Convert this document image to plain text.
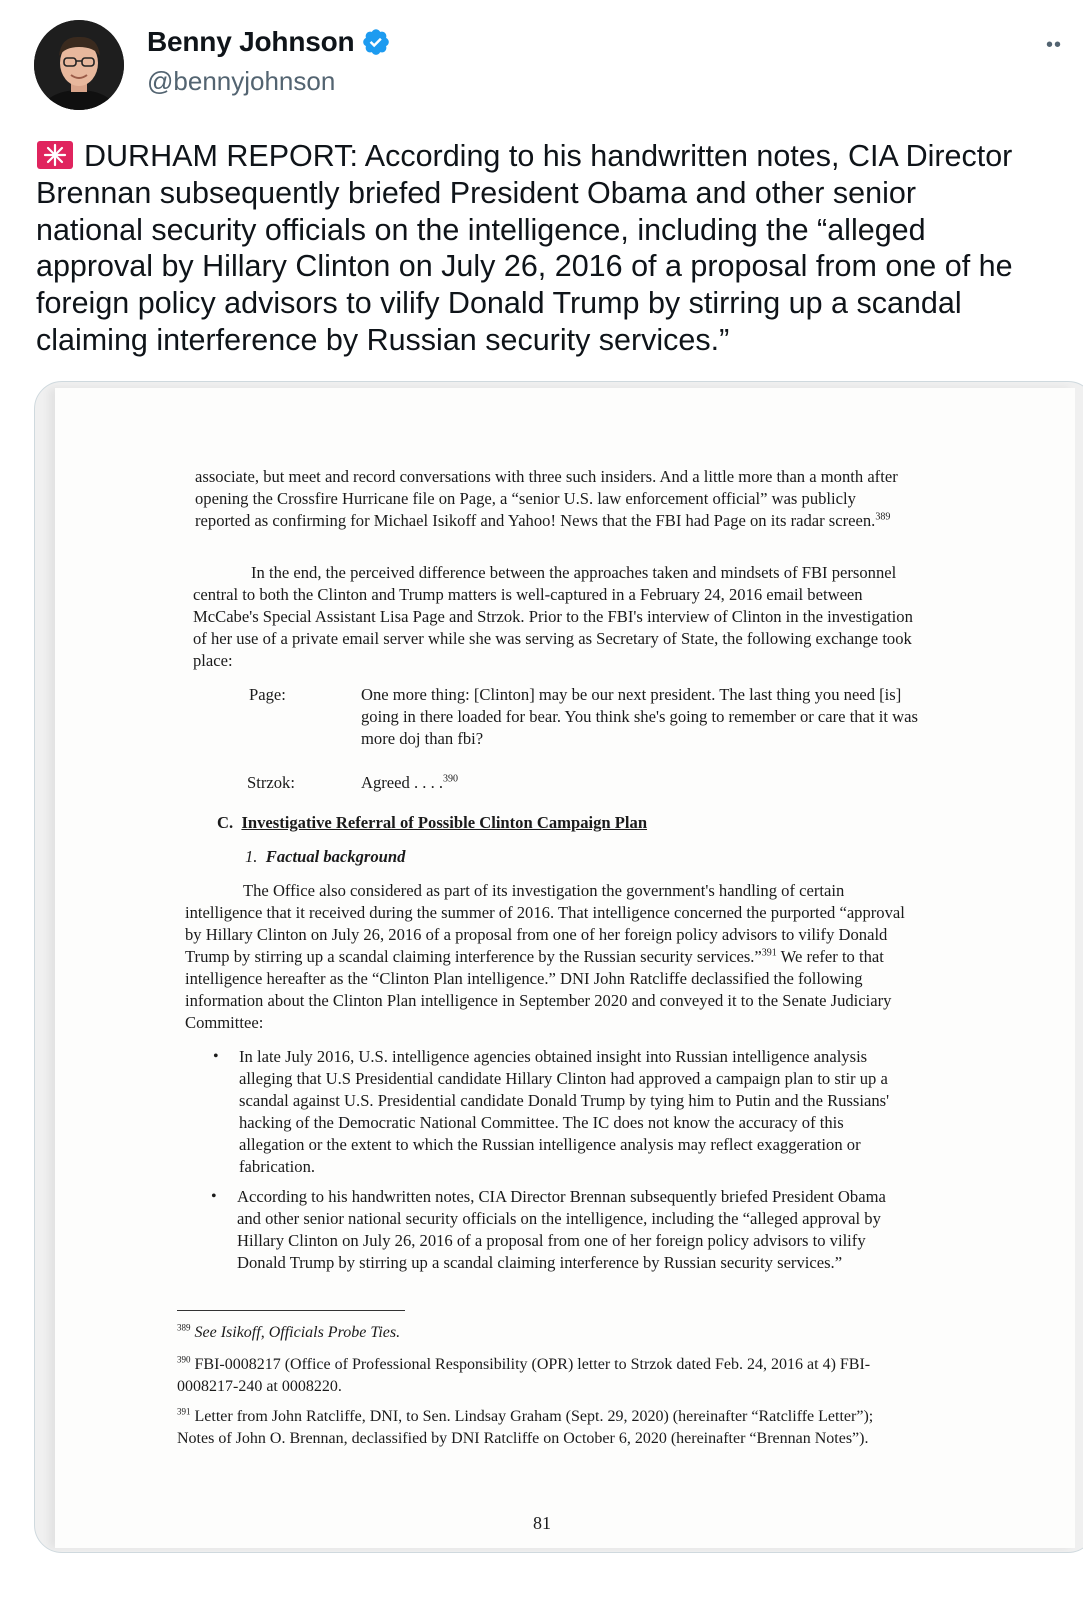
Benny Johnson
@bennyjohnson
••
DURHAM REPORT: According to his handwritten notes, CIA Director
Brennan subsequently briefed President Obama and other senior
national security officials on the intelligence, including the “alleged
approval by Hillary Clinton on July 26, 2016 of a proposal from one of he
foreign policy advisors to vilify Donald Trump by stirring up a scandal
claiming interference by Russian security services.”
associate, but meet and record conversations with three such insiders. And a little more than a month after opening the Crossfire Hurricane file on Page, a “senior U.S. law enforcement official” was publicly reported as confirming for Michael Isikoff and Yahoo! News that the FBI had Page on its radar screen.$^{389}$
In the end, the perceived difference between the approaches taken and mindsets of FBI personnel central to both the Clinton and Trump matters is well-captured in a February 24, 2016 email between McCabe's Special Assistant Lisa Page and Strzok. Prior to the FBI's interview of Clinton in the investigation of her use of a private email server while she was serving as Secretary of State, the following exchange took place:
Page:	One more thing: [Clinton] may be our next president. The last thing you need [is] going in there loaded for bear. You think she's going to remember or care that it was more doj than fbi?
Strzok:	Agreed . . . .$^{390}$
C. Investigative Referral of Possible Clinton Campaign Plan
1. Factual background
The Office also considered as part of its investigation the government's handling of certain intelligence that it received during the summer of 2016. That intelligence concerned the purported “approval by Hillary Clinton on July 26, 2016 of a proposal from one of her foreign policy advisors to vilify Donald Trump by stirring up a scandal claiming interference by the Russian security services.”$^{391}$ We refer to that intelligence hereafter as the “Clinton Plan intelligence.” DNI John Ratcliffe declassified the following information about the Clinton Plan intelligence in September 2020 and conveyed it to the Senate Judiciary Committee:
• In late July 2016, U.S. intelligence agencies obtained insight into Russian intelligence analysis alleging that U.S Presidential candidate Hillary Clinton had approved a campaign plan to stir up a scandal against U.S. Presidential candidate Donald Trump by tying him to Putin and the Russians' hacking of the Democratic National Committee. The IC does not know the accuracy of this allegation or the extent to which the Russian intelligence analysis may reflect exaggeration or fabrication.
• According to his handwritten notes, CIA Director Brennan subsequently briefed President Obama and other senior national security officials on the intelligence, including the “alleged approval by Hillary Clinton on July 26, 2016 of a proposal from one of her foreign policy advisors to vilify Donald Trump by stirring up a scandal claiming interference by Russian security services.”
$^{389}$ See Isikoff, Officials Probe Ties.
$^{390}$ FBI-0008217 (Office of Professional Responsibility (OPR) letter to Strzok dated Feb. 24, 2016 at 4) FBI-0008217-240 at 0008220.
$^{391}$ Letter from John Ratcliffe, DNI, to Sen. Lindsay Graham (Sept. 29, 2020) (hereinafter “Ratcliffe Letter”); Notes of John O. Brennan, declassified by DNI Ratcliffe on October 6, 2020 (hereinafter “Brennan Notes”).
81
